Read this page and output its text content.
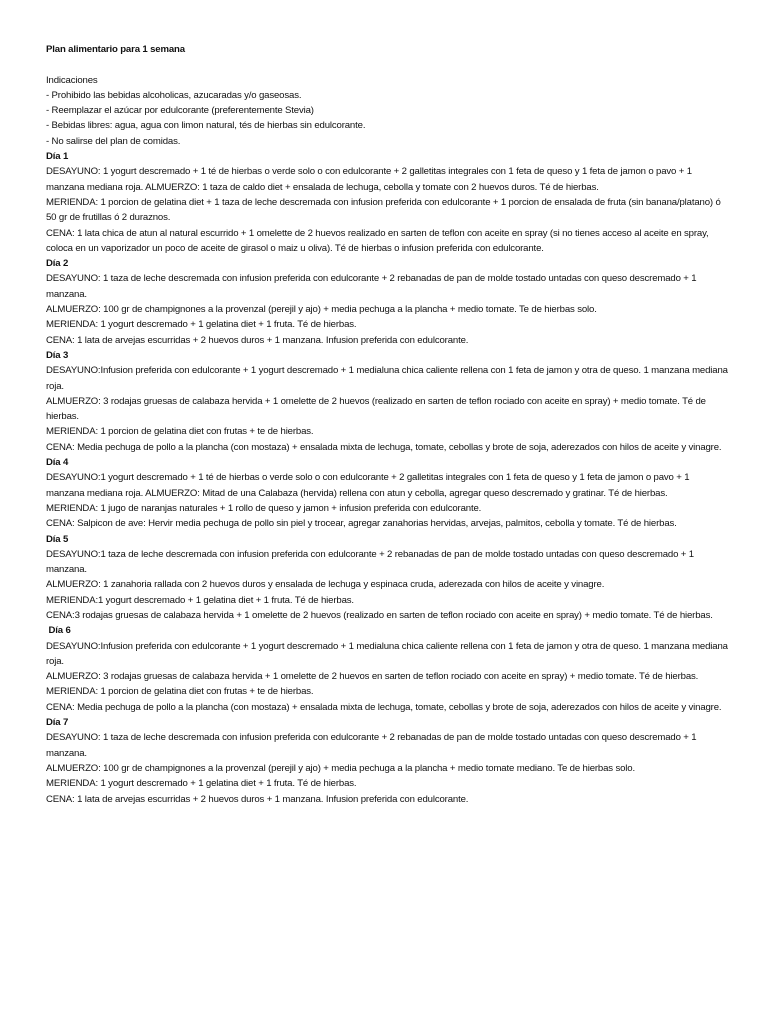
Plan alimentario para 1 semana
Indicaciones
- Prohibido las bebidas alcoholicas, azucaradas y/o gaseosas.
- Reemplazar el azúcar por edulcorante (preferentemente Stevia)
- Bebidas libres: agua, agua con limon natural, tés de hierbas sin edulcorante.
- No salirse del plan de comidas.
Día 1
DESAYUNO: 1 yogurt descremado + 1 té de hierbas o verde solo o con edulcorante + 2 galletitas integrales con 1 feta de queso y 1 feta de jamon o pavo + 1 manzana mediana roja. ALMUERZO: 1 taza de caldo diet + ensalada de lechuga, cebolla y tomate con 2 huevos duros. Té de hierbas.
MERIENDA: 1 porcion de gelatina diet + 1 taza de leche descremada con infusion preferida con edulcorante + 1 porcion de ensalada de fruta (sin banana/platano) ó 50 gr de frutillas ó 2 duraznos.
CENA: 1 lata chica de atun al natural escurrido + 1 omelette de 2 huevos realizado en sarten de teflon con aceite en spray (si no tienes acceso al aceite en spray, coloca en un vaporizador un poco de aceite de girasol o maiz u oliva). Té de hierbas o infusion preferida con edulcorante.
Día 2
DESAYUNO: 1 taza de leche descremada con infusion preferida con edulcorante + 2 rebanadas de pan de molde tostado untadas con queso descremado + 1 manzana.
ALMUERZO: 100 gr de champignones a la provenzal (perejil y ajo) + media pechuga a la plancha + medio tomate. Te de hierbas solo.
MERIENDA: 1 yogurt descremado + 1 gelatina diet + 1 fruta. Té de hierbas.
CENA: 1 lata de arvejas escurridas + 2 huevos duros + 1 manzana. Infusion preferida con edulcorante.
Día 3
DESAYUNO:Infusion preferida con edulcorante + 1 yogurt descremado + 1 medialuna chica caliente rellena con 1 feta de jamon y otra de queso. 1 manzana mediana roja.
ALMUERZO: 3 rodajas gruesas de calabaza hervida + 1 omelette de 2 huevos (realizado en sarten de teflon rociado con aceite en spray) + medio tomate. Té de hierbas.
MERIENDA: 1 porcion de gelatina diet con frutas + te de hierbas.
CENA: Media pechuga de pollo a la plancha (con mostaza) + ensalada mixta de lechuga, tomate, cebollas y brote de soja, aderezados con hilos de aceite y vinagre.
Día 4
DESAYUNO:1 yogurt descremado + 1 té de hierbas o verde solo o con edulcorante + 2 galletitas integrales con 1 feta de queso y 1 feta de jamon o pavo + 1 manzana mediana roja. ALMUERZO: Mitad de una Calabaza (hervida) rellena con atun y cebolla, agregar queso descremado y gratinar. Té de hierbas.
MERIENDA: 1 jugo de naranjas naturales + 1 rollo de queso y jamon + infusion preferida con edulcorante.
CENA: Salpicon de ave: Hervir media pechuga de pollo sin piel y trocear, agregar zanahorias hervidas, arvejas, palmitos, cebolla y tomate. Té de hierbas.
Día 5
DESAYUNO:1 taza de leche descremada con infusion preferida con edulcorante + 2 rebanadas de pan de molde tostado untadas con queso descremado + 1 manzana.
ALMUERZO: 1 zanahoria rallada con 2 huevos duros y ensalada de lechuga y espinaca cruda, aderezada con hilos de aceite y vinagre.
MERIENDA:1 yogurt descremado + 1 gelatina diet + 1 fruta. Té de hierbas.
CENA:3 rodajas gruesas de calabaza hervida + 1 omelette de 2 huevos (realizado en sarten de teflon rociado con aceite en spray) + medio tomate. Té de hierbas.
Día 6
DESAYUNO:Infusion preferida con edulcorante + 1 yogurt descremado + 1 medialuna chica caliente rellena con 1 feta de jamon y otra de queso. 1 manzana mediana roja.
ALMUERZO: 3 rodajas gruesas de calabaza hervida + 1 omelette de 2 huevos en sarten de teflon rociado con aceite en spray) + medio tomate. Té de hierbas.
MERIENDA: 1 porcion de gelatina diet con frutas + te de hierbas.
CENA: Media pechuga de pollo a la plancha (con mostaza) + ensalada mixta de lechuga, tomate, cebollas y brote de soja, aderezados con hilos de aceite y vinagre.
Día 7
DESAYUNO: 1 taza de leche descremada con infusion preferida con edulcorante + 2 rebanadas de pan de molde tostado untadas con queso descremado + 1 manzana.
ALMUERZO: 100 gr de champignones a la provenzal (perejil y ajo) + media pechuga a la plancha + medio tomate mediano. Te de hierbas solo.
MERIENDA: 1 yogurt descremado + 1 gelatina diet + 1 fruta. Té de hierbas.
CENA: 1 lata de arvejas escurridas + 2 huevos duros + 1 manzana. Infusion preferida con edulcorante.
